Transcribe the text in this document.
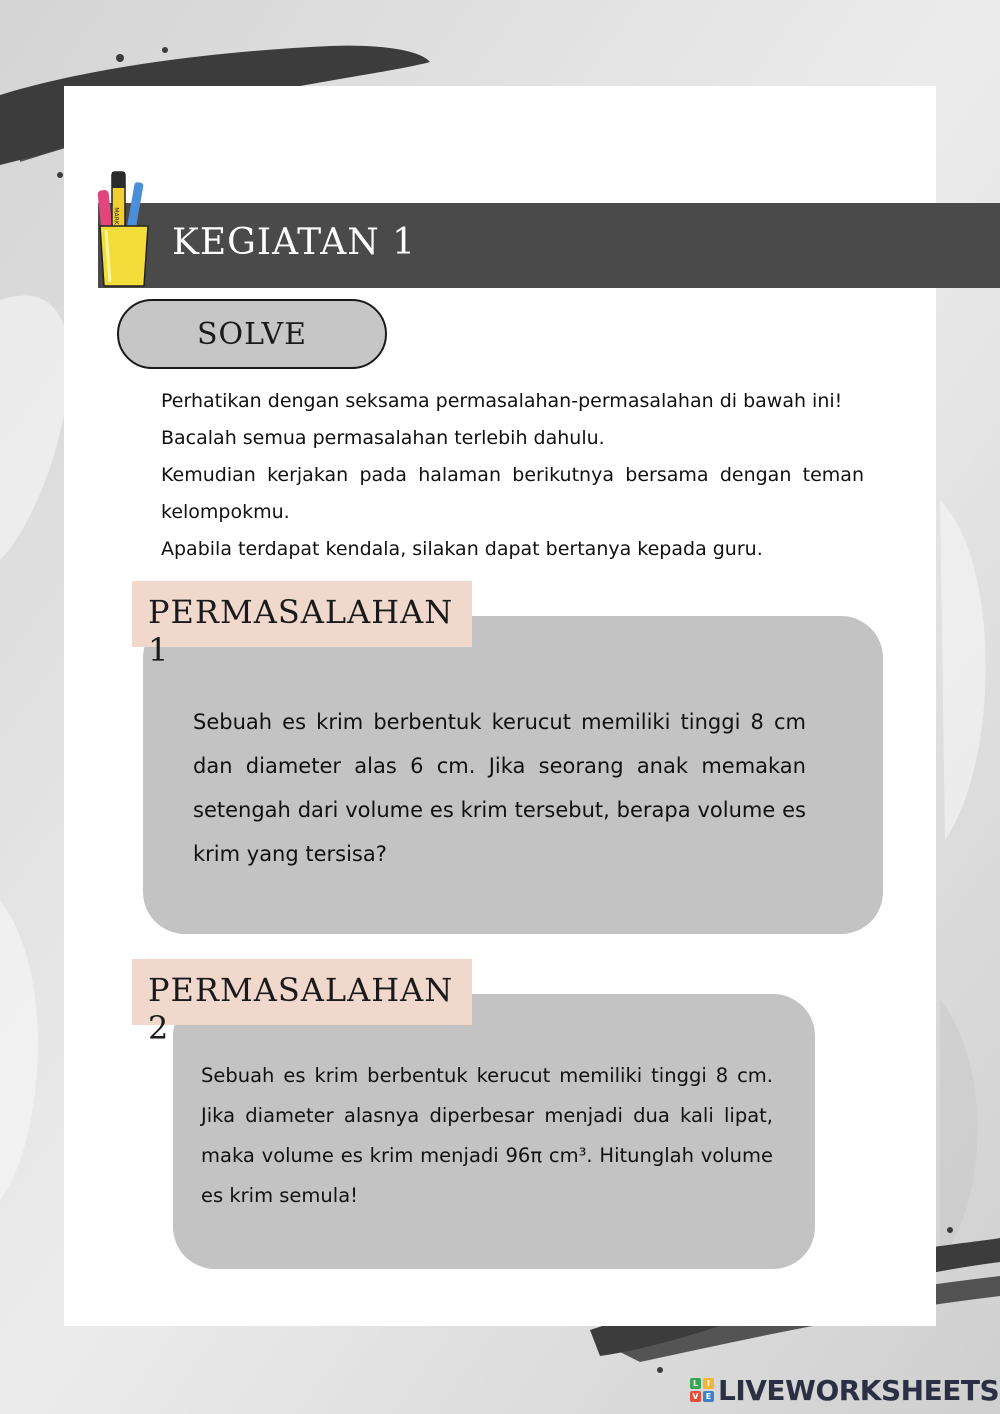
MARK
KEGIATAN 1
SOLVE

Perhatikan dengan seksama permasalahan-permasalahan di bawah ini!

Bacalah semua permasalahan terlebih dahulu.

Kemudian kerjakan pada halaman berikutnya bersama dengan teman kelompokmu.

Apabila terdapat kendala, silakan dapat bertanya kepada guru.

PERMASALAHAN 1
Sebuah es krim berbentuk kerucut memiliki tinggi 8 cm dan diameter alas 6 cm. Jika seorang anak memakan setengah dari volume es krim tersebut, berapa volume es krim yang tersisa?
PERMASALAHAN 2
Sebuah es krim berbentuk kerucut memiliki tinggi 8 cm. Jika diameter alasnya diperbesar menjadi dua kali lipat, maka volume es krim menjadi 96π cm³. Hitunglah volume es krim semula!
L	I
V E LIVEWORKSHEETS
